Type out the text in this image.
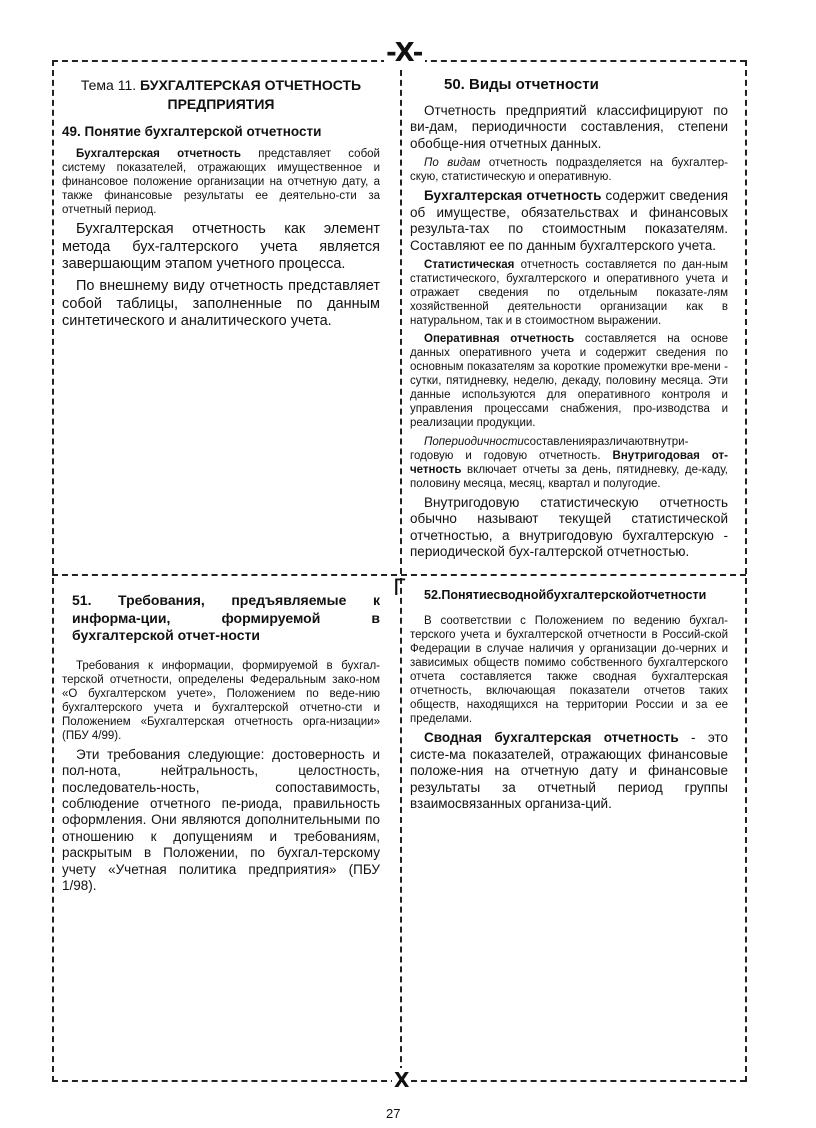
-X-
X
Г
Тема 11. БУХГАЛТЕРСКАЯ ОТЧЕТНОСТЬ ПРЕДПРИЯТИЯ
49. Понятие бухгалтерской отчетности

Бухгалтерская отчетность представляет собой систему показателей, отражающих имущественное и финансовое положение организации на отчетную дату, а также финансовые результаты ее деятельно-сти за отчетный период.

Бухгалтерская отчетность как элемент метода бух-галтерского учета является завершающим этапом учетного процесса.

По внешнему виду отчетность представляет собой таблицы, заполненные по данным синтетического и аналитического учета.

50. Виды отчетности

Отчетность предприятий классифицируют по ви-дам, периодичности составления, степени обобще-ния отчетных данных.

По видам отчетность подразделяется на бухгалтер-скую, статистическую и оперативную.

Бухгалтерская отчетность содержит сведения об имуществе, обязательствах и финансовых результа-тах по стоимостным показателям. Составляют ее по данным бухгалтерского учета.

Статистическая отчетность составляется по дан-ным статистического, бухгалтерского и оперативного учета и отражает сведения по отдельным показате-лям хозяйственной деятельности организации как в натуральном, так и в стоимостном выражении.

Оперативная отчетность составляется на основе данных оперативного учета и содержит сведения по основным показателям за короткие промежутки вре-мени - сутки, пятидневку, неделю, декаду, половину месяца. Эти данные используются для оперативного контроля и управления процессами снабжения, про-изводства и реализации продукции.

Попериодичностисоставленияразличаютвнутри-годовую и годовую отчетность. Внутригодовая от-четность включает отчеты за день, пятидневку, де-каду, половину месяца, месяц, квартал и полугодие.

Внутригодовую статистическую отчетность обычно называют текущей статистической отчетностью, а внутригодовую бухгалтерскую - периодической бух-галтерской отчетностью.

51. Требования, предъявляемые к информа-ции, формируемой в бухгалтерской отчет-ности

Требования к информации, формируемой в бухгал-терской отчетности, определены Федеральным зако-ном «О бухгалтерском учете», Положением по веде-нию бухгалтерского учета и бухгалтерской отчетно-сти и Положением «Бухгалтерская отчетность орга-низации» (ПБУ 4/99).

Эти требования следующие: достоверность и пол-нота, нейтральность, целостность, последователь-ность, сопоставимость, соблюдение отчетного пе-риода, правильность оформления. Они являются дополнительными по отношению к допущениям и требованиям, раскрытым в Положении, по бухгал-терскому учету «Учетная политика предприятия» (ПБУ 1/98).

52.Понятиесводнойбухгалтерскойотчетности

В соответствии с Положением по ведению бухгал-терского учета и бухгалтерской отчетности в Россий-ской Федерации в случае наличия у организации до-черних и зависимых обществ помимо собственного бухгалтерского отчета составляется также сводная бухгалтерская отчетность, включающая показатели отчетов таких обществ, находящихся на территории России и за ее пределами.

Сводная бухгалтерская отчетность - это систе-ма показателей, отражающих финансовые положе-ния на отчетную дату и финансовые результаты за отчетный период группы взаимосвязанных организа-ций.

27
